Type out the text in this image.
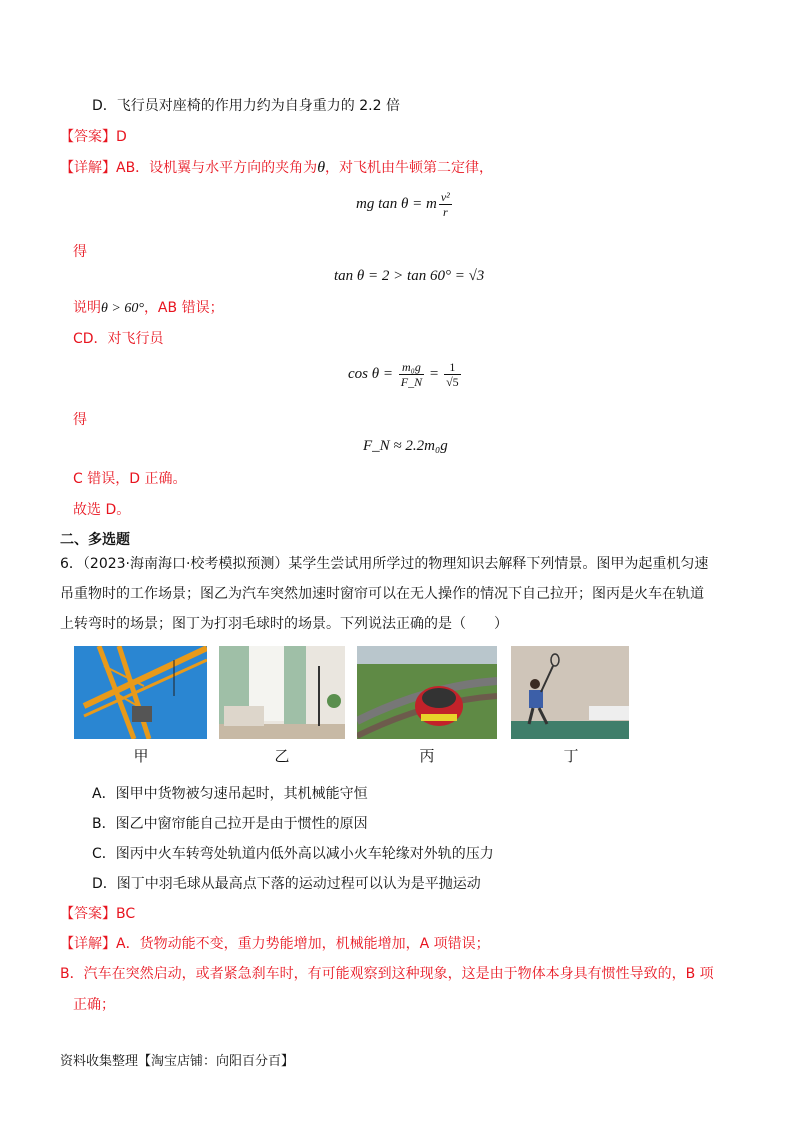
D．飞行员对座椅的作用力约为自身重力的 2.2 倍
【答案】D
【详解】AB．设机翼与水平方向的夹角为θ，对飞机由牛顿第二定律，
mg tan θ = m $\frac{\text{v²}}{r}$
得
tan θ = 2 > tan 60° = √3
说明θ > 60°，AB 错误；
CD．对飞行员
$\cos \theta = \frac{\text{m₀g}}{F\_N} = \frac{1}{√5}$
得
F_N ≈ 2.2m₀g
C 错误，D 正确。
故选 D。
二、多选题
6．（2023·海南海口·校考模拟预测）某学生尝试用所学过的物理知识去解释下列情景。图甲为起重机匀速
吊重物时的工作场景；图乙为汽车突然加速时窗帘可以在无人操作的情况下自己拉开；图丙是火车在轨道
上转弯时的场景；图丁为打羽毛球时的场景。下列说法正确的是（　　）
甲	乙	丙	丁
A．图甲中货物被匀速吊起时，其机械能守恒
B．图乙中窗帘能自己拉开是由于惯性的原因
C．图丙中火车转弯处轨道内低外高以减小火车轮缘对外轨的压力
D．图丁中羽毛球从最高点下落的运动过程可以认为是平抛运动
【答案】BC
【详解】A．货物动能不变，重力势能增加，机械能增加，A 项错误；
B．汽车在突然启动，或者紧急刹车时，有可能观察到这种现象，这是由于物体本身具有惯性导致的，B 项
正确；
资料收集整理【淘宝店铺：向阳百分百】
